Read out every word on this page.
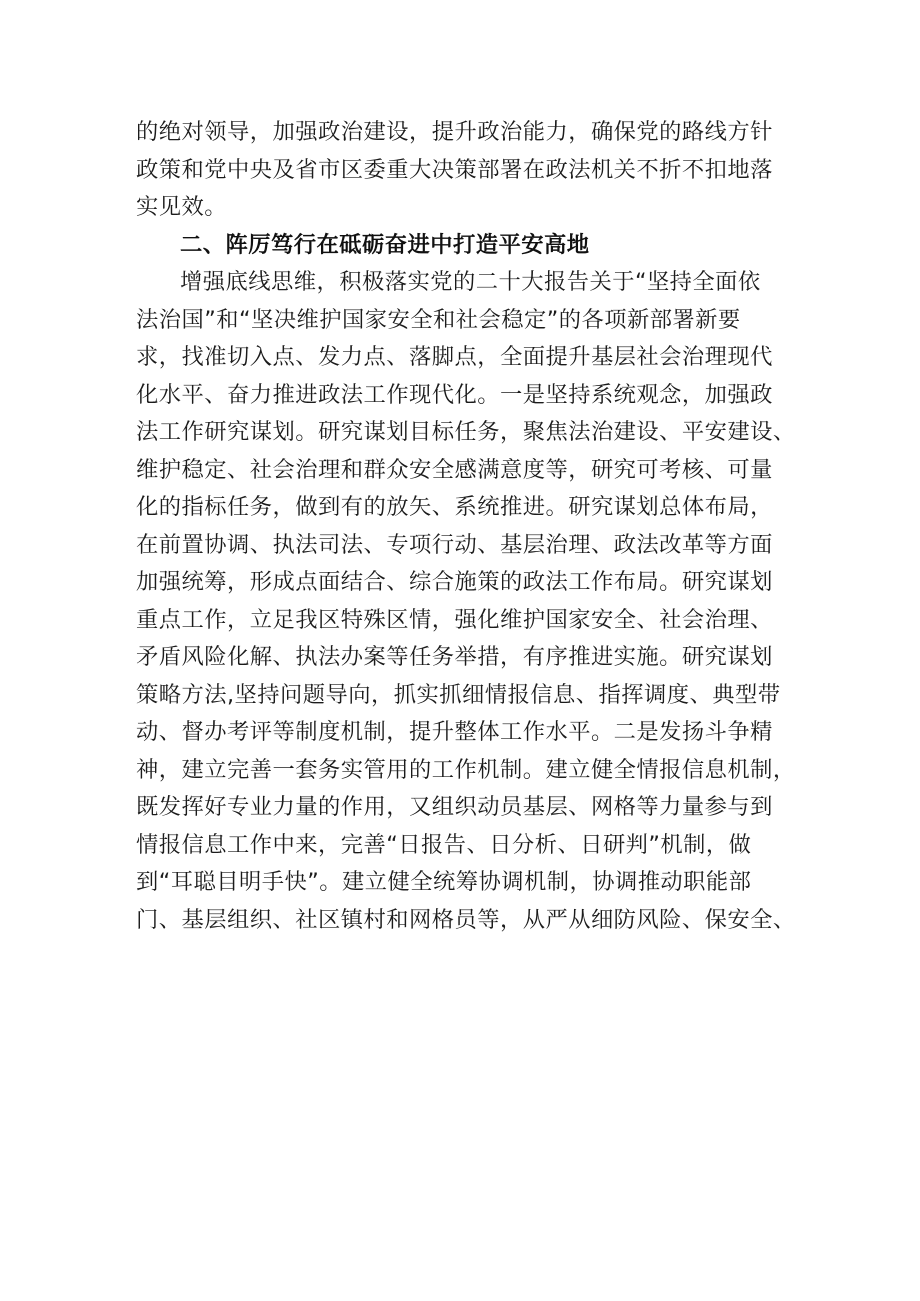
的绝对领导，加强政治建设，提升政治能力，确保党的路线方针
政策和党中央及省市区委重大决策部署在政法机关不折不扣地落
实见效。
二、阵厉笃行在砥砺奋进中打造平安高地
增强底线思维，积极落实党的二十大报告关于“坚持全面依
法治国”和“坚决维护国家安全和社会稳定”的各项新部署新要
求，找准切入点、发力点、落脚点，全面提升基层社会治理现代
化水平、奋力推进政法工作现代化。一是坚持系统观念，加强政
法工作研究谋划。研究谋划目标任务，聚焦法治建设、平安建设、
维护稳定、社会治理和群众安全感满意度等，研究可考核、可量
化的指标任务，做到有的放矢、系统推进。研究谋划总体布局，
在前置协调、执法司法、专项行动、基层治理、政法改革等方面
加强统筹，形成点面结合、综合施策的政法工作布局。研究谋划
重点工作，立足我区特殊区情，强化维护国家安全、社会治理、
矛盾风险化解、执法办案等任务举措，有序推进实施。研究谋划
策略方法,坚持问题导向，抓实抓细情报信息、指挥调度、典型带
动、督办考评等制度机制，提升整体工作水平。二是发扬斗争精
神，建立完善一套务实管用的工作机制。建立健全情报信息机制，
既发挥好专业力量的作用，又组织动员基层、网格等力量参与到
情报信息工作中来，完善“日报告、日分析、日研判”机制，做
到“耳聪目明手快”。建立健全统筹协调机制，协调推动职能部
门、基层组织、社区镇村和网格员等，从严从细防风险、保安全、
